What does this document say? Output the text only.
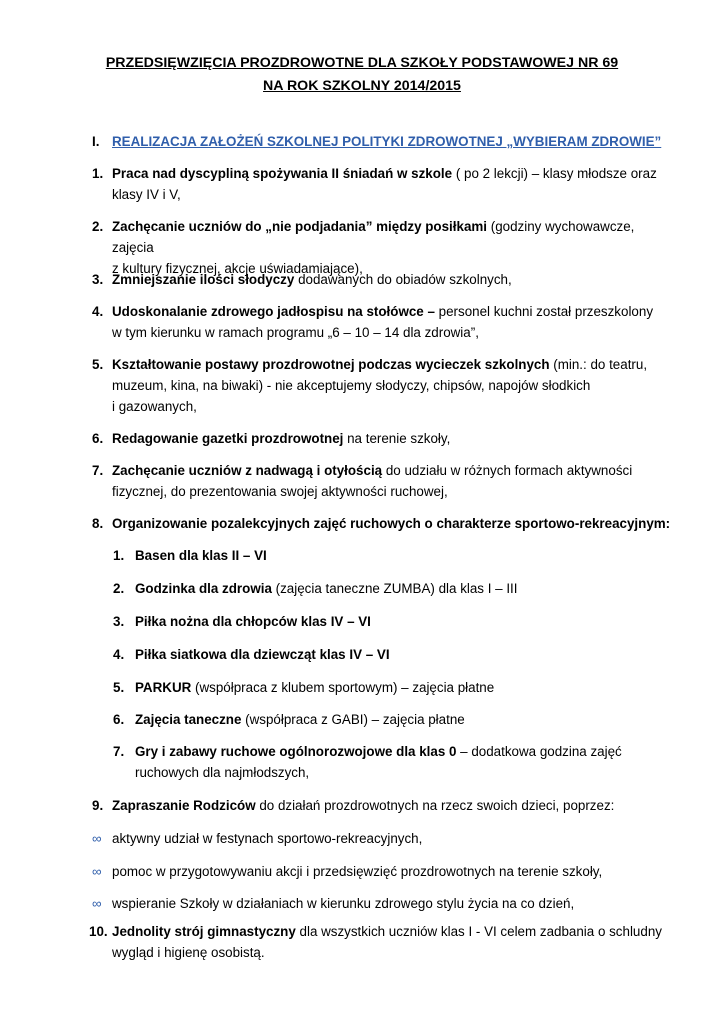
PRZEDSIĘWZIĘCIA PROZDROWOTNE DLA SZKOŁY PODSTAWOWEJ NR 69
NA ROK SZKOLNY 2014/2015
I. REALIZACJA ZAŁOŻEŃ SZKOLNEJ POLITYKI ZDROWOTNEJ „WYBIERAM ZDROWIE”
1. Praca nad dyscypliną spożywania II śniadań w szkole ( po 2 lekcji) – klasy młodsze oraz
klasy IV i V,
2. Zachęcanie uczniów do „nie podjadania” między posiłkami (godziny wychowawcze, zajęcia
z kultury fizycznej, akcje uświadamiające),
3. Zmniejszanie ilości słodyczy dodawanych do obiadów szkolnych,
4. Udoskonalanie zdrowego jadłospisu na stołówce – personel kuchni został przeszkolony
w tym kierunku w ramach programu „6 – 10 – 14 dla zdrowia”,
5. Kształtowanie postawy prozdrowotnej podczas wycieczek szkolnych (min.: do teatru,
muzeum, kina, na biwaki) - nie akceptujemy słodyczy, chipsów, napojów słodkich
i gazowanych,
6. Redagowanie gazetki prozdrowotnej na terenie szkoły,
7. Zachęcanie uczniów z nadwagą i otyłością do udziału w różnych formach aktywności
fizycznej, do prezentowania swojej aktywności ruchowej,
8. Organizowanie pozalekcyjnych zajęć ruchowych o charakterze sportowo-rekreacyjnym:
1. Basen dla klas II – VI
2. Godzinka dla zdrowia (zajęcia taneczne ZUMBA) dla klas I – III
3. Piłka nożna dla chłopców klas IV – VI
4. Piłka siatkowa dla dziewcząt klas IV – VI
5. PARKUR (współpraca z klubem sportowym) – zajęcia płatne
6. Zajęcia taneczne (współpraca z GABI) – zajęcia płatne
7. Gry i zabawy ruchowe ogólnorozwojowe dla klas 0 – dodatkowa godzina zajęć
ruchowych dla najmłodszych,
9. Zapraszanie Rodziców do działań prozdrowotnych na rzecz swoich dzieci, poprzez:
∞ aktywny udział w festynach sportowo-rekreacyjnych,
∞ pomoc w przygotowywaniu akcji i przedsięwzięć prozdrowotnych na terenie szkoły,
∞ wspieranie Szkoły w działaniach w kierunku zdrowego stylu życia na co dzień,
10. Jednolity strój gimnastyczny dla wszystkich uczniów klas I - VI celem zadbania o schludny
wygląd i higienę osobistą.
